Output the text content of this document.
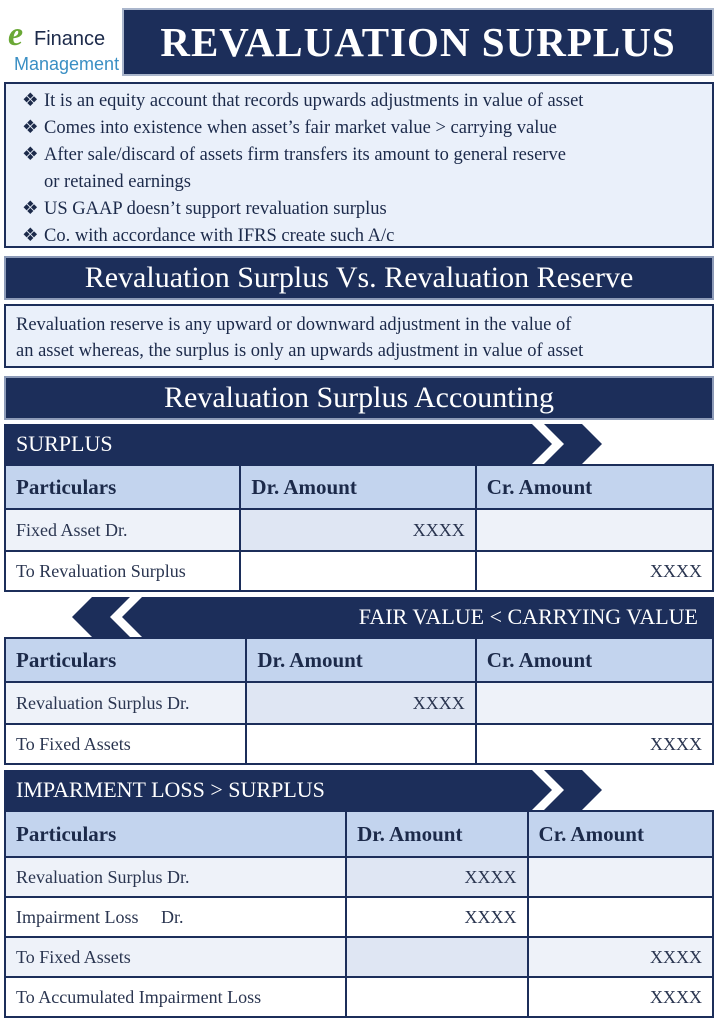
e Finance
Management	REVALUATION SURPLUS
❖ It is an equity account that records upwards adjustments in value of asset
❖ Comes into existence when asset’s fair market value > carrying value
❖ After sale/discard of assets firm transfers its amount to general reserve
or retained earnings
❖ US GAAP doesn’t support revaluation surplus
❖ Co. with accordance with IFRS create such A/c
Revaluation Surplus Vs. Revaluation Reserve
Revaluation reserve is any upward or downward adjustment in the value of
an asset whereas, the surplus is only an upwards adjustment in value of asset
Revaluation Surplus Accounting
SURPLUS
Particulars	Dr. Amount	Cr. Amount
Fixed Asset Dr.	XXXX	
To Revaluation Surplus		XXXX
FAIR VALUE < CARRYING VALUE
Particulars	Dr. Amount	Cr. Amount
Revaluation Surplus Dr.	XXXX	
To Fixed Assets		XXXX
IMPARMENT LOSS > SURPLUS
Particulars	Dr. Amount	Cr. Amount
Revaluation Surplus Dr.	XXXX	
Impairment Loss     Dr.	XXXX	
To Fixed Assets		XXXX
To Accumulated Impairment Loss		XXXX
